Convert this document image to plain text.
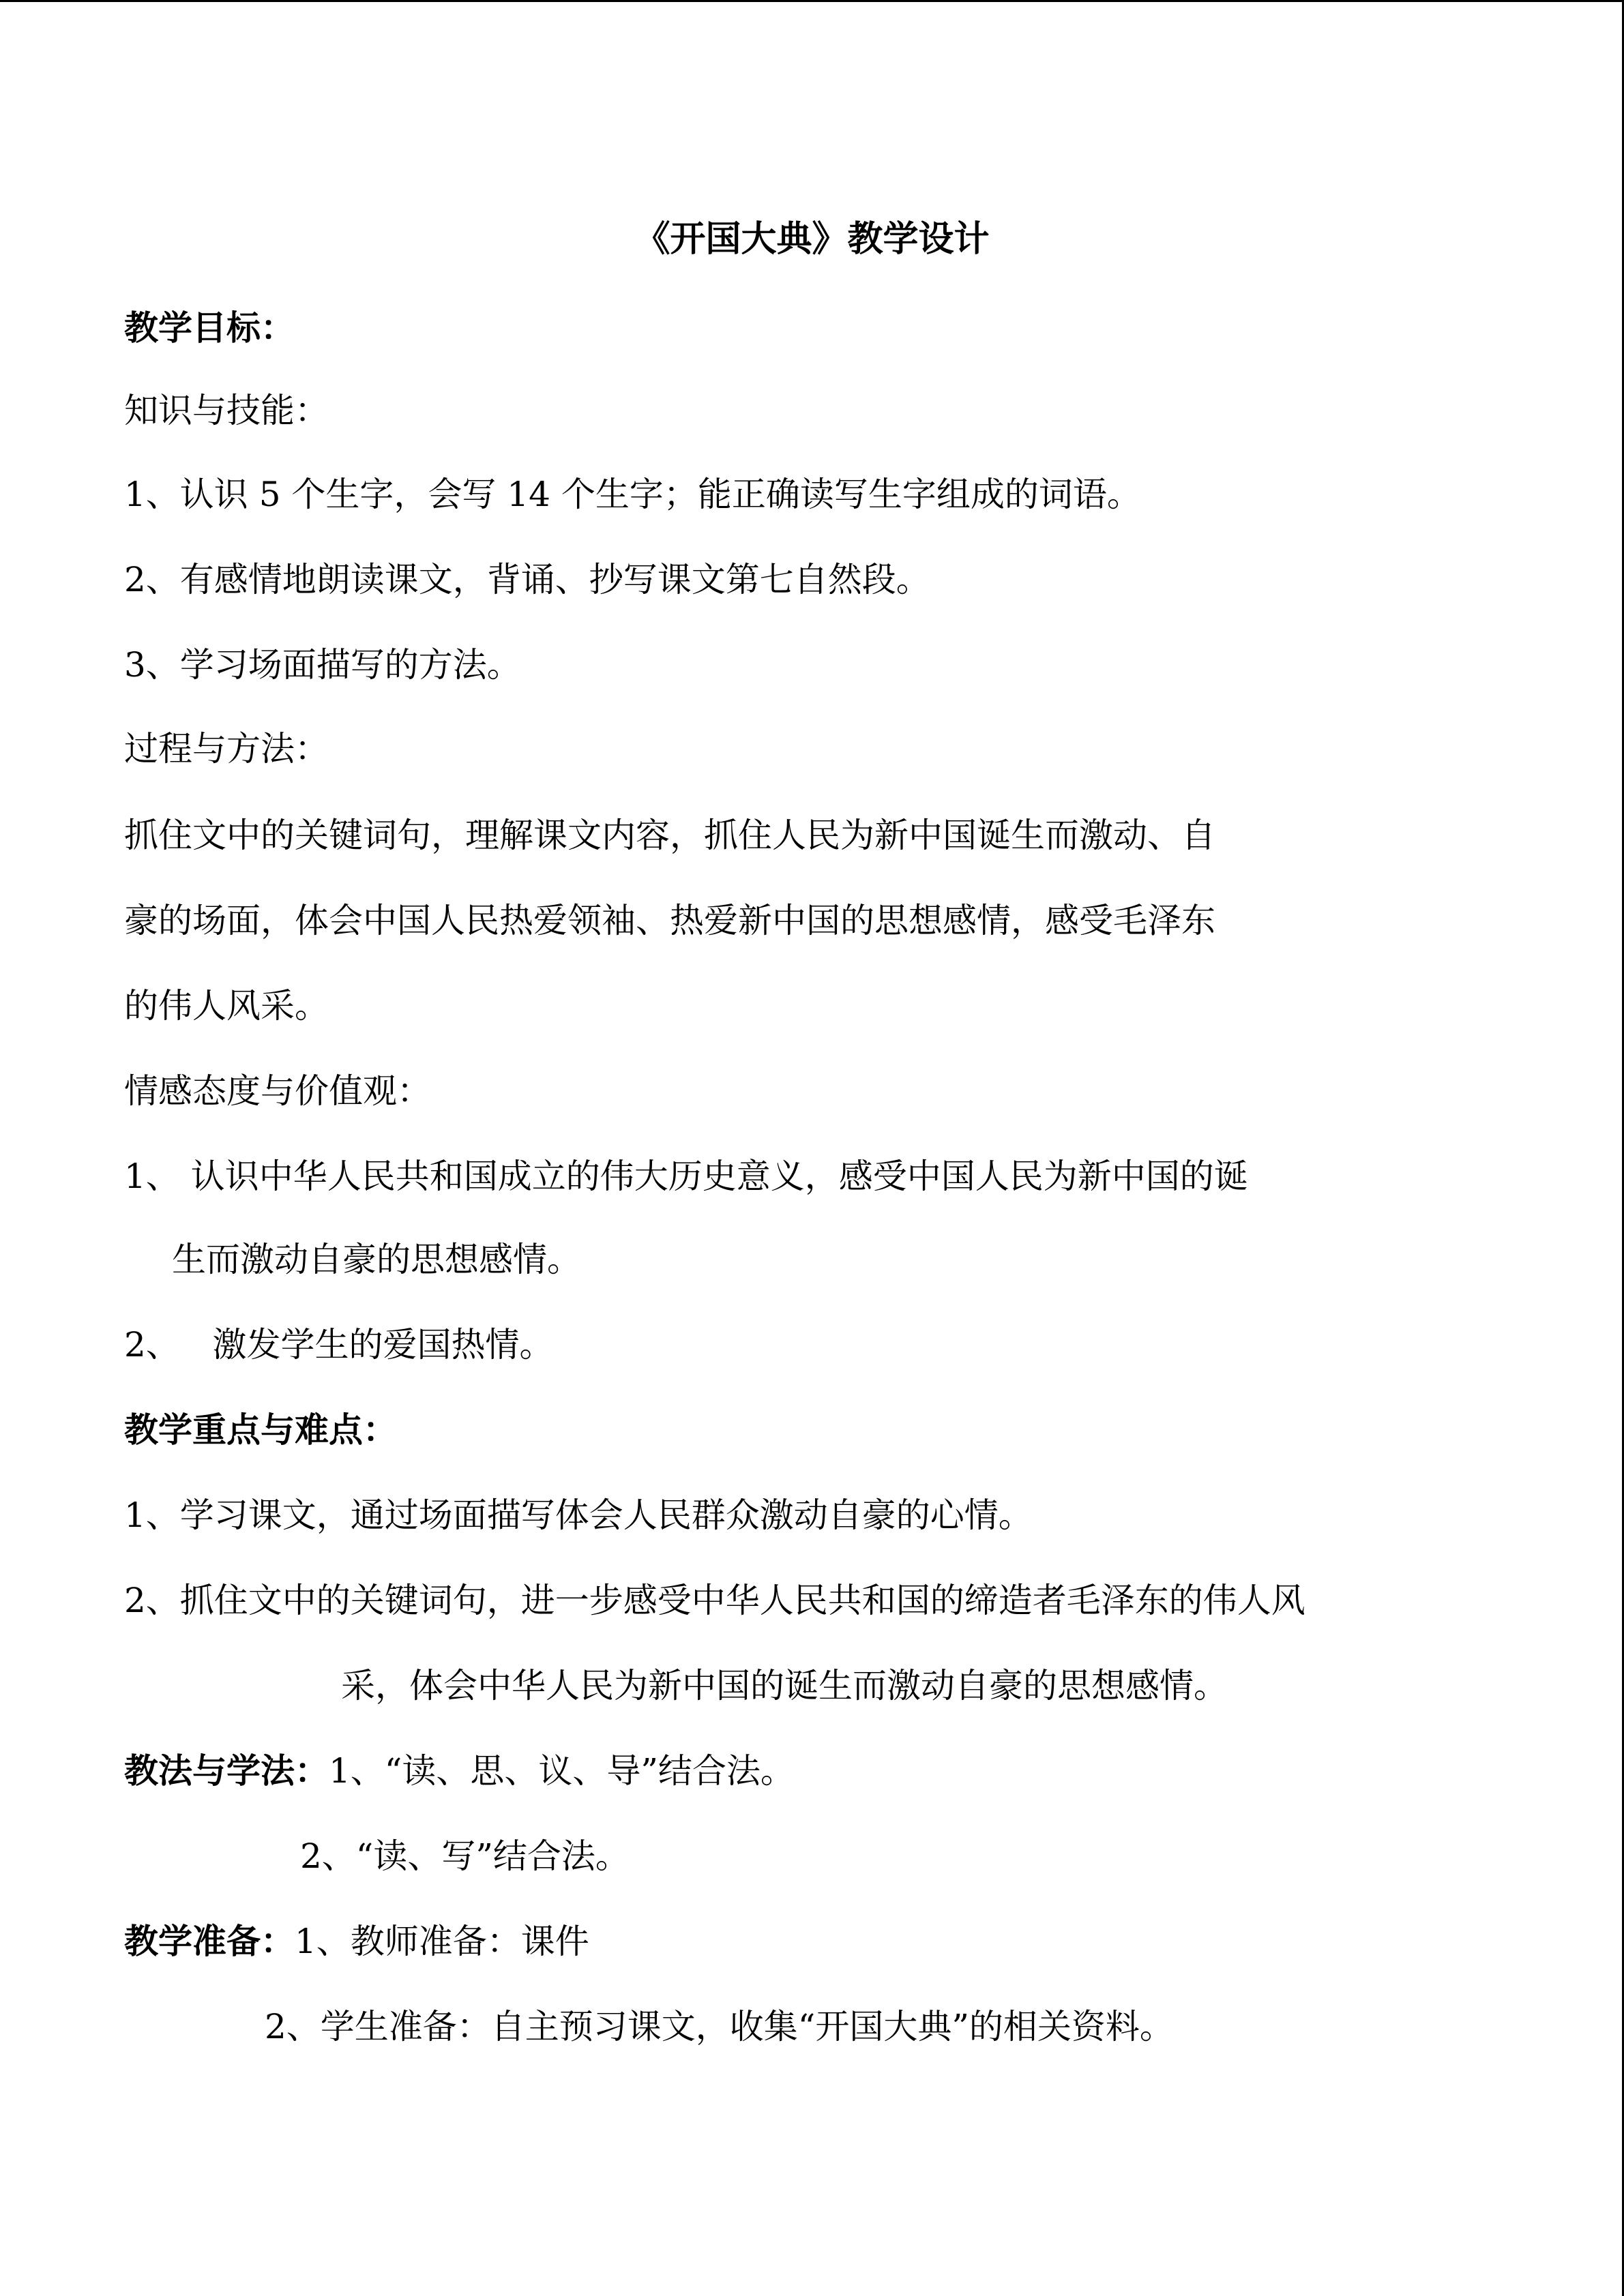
《开国大典》教学设计
教学目标：
知识与技能：
1、认识 5 个生字，会写 14 个生字；能正确读写生字组成的词语。
2、有感情地朗读课文，背诵、抄写课文第七自然段。
3、学习场面描写的方法。
过程与方法：
抓住文中的关键词句，理解课文内容，抓住人民为新中国诞生而激动、自
豪的场面，体会中国人民热爱领袖、热爱新中国的思想感情，感受毛泽东
的伟人风采。
情感态度与价值观：
1、 认识中华人民共和国成立的伟大历史意义，感受中国人民为新中国的诞
生而激动自豪的思想感情。
2、   激发学生的爱国热情。
教学重点与难点：
1、学习课文，通过场面描写体会人民群众激动自豪的心情。
2、抓住文中的关键词句，进一步感受中华人民共和国的缔造者毛泽东的伟人风
采，体会中华人民为新中国的诞生而激动自豪的思想感情。
教法与学法：1、“读、思、议、导”结合法。
2、“读、写”结合法。
教学准备：1、教师准备：课件
2、学生准备：自主预习课文，收集“开国大典”的相关资料。
